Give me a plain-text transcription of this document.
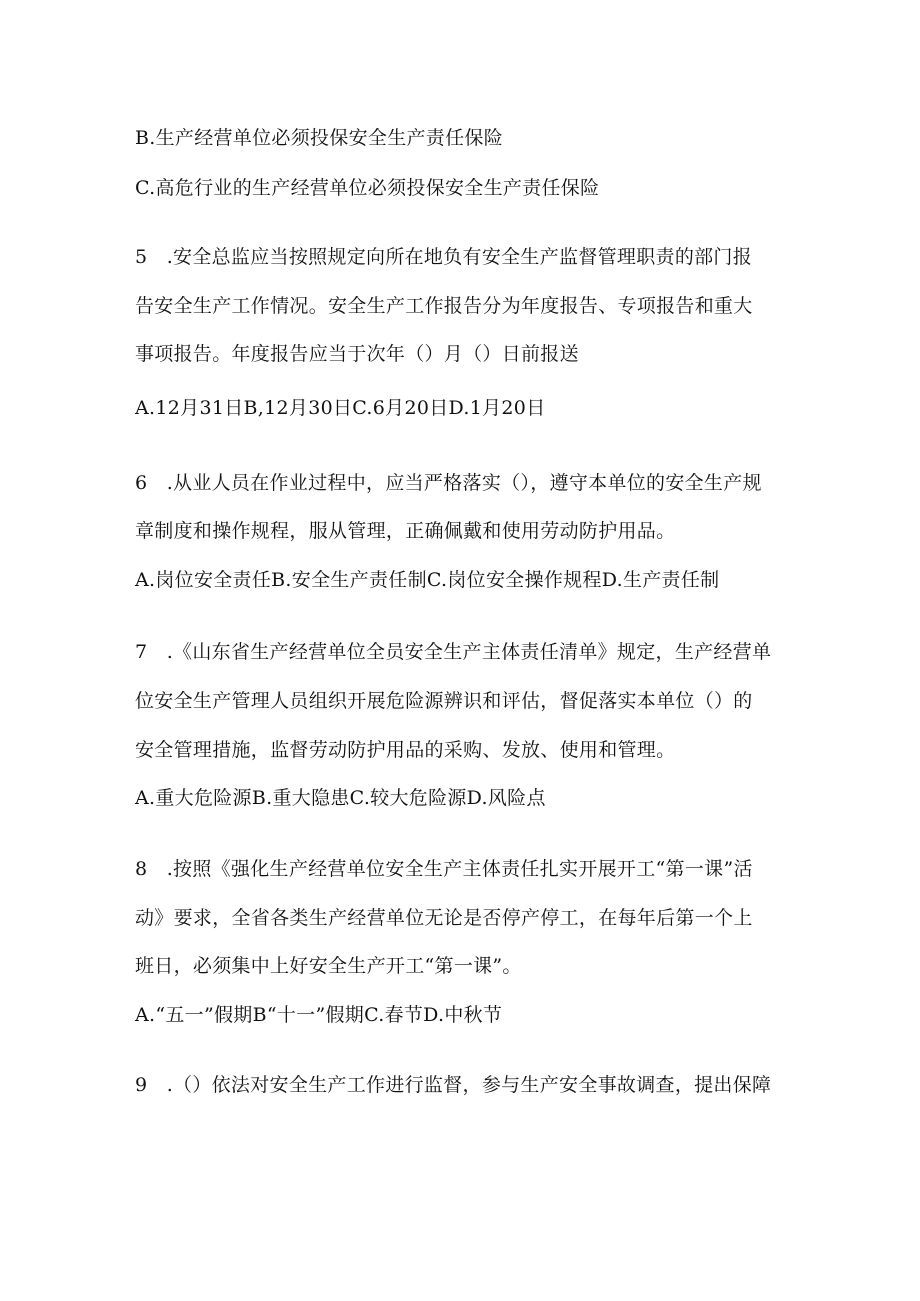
B.生产经营单位必须投保安全生产责任保险
C.高危行业的生产经营单位必须投保安全生产责任保险
5　.安全总监应当按照规定向所在地负有安全生产监督管理职责的部门报
告安全生产工作情况。安全生产工作报告分为年度报告、专项报告和重大
事项报告。年度报告应当于次年（）月（）日前报送
A.12月31日B,12月30日C.6月20日D.1月20日
6　.从业人员在作业过程中，应当严格落实（），遵守本单位的安全生产规
章制度和操作规程，服从管理，正确佩戴和使用劳动防护用品。
A.岗位安全责任B.安全生产责任制C.岗位安全操作规程D.生产责任制
7　.《山东省生产经营单位全员安全生产主体责任清单》规定，生产经营单
位安全生产管理人员组织开展危险源辨识和评估，督促落实本单位（）的
安全管理措施，监督劳动防护用品的采购、发放、使用和管理。
A.重大危险源B.重大隐患C.较大危险源D.风险点
8　.按照《强化生产经营单位安全生产主体责任扎实开展开工“第一课”活
动》要求，全省各类生产经营单位无论是否停产停工，在每年后第一个上
班日，必须集中上好安全生产开工“第一课”。
A.“五一”假期B“十一”假期C.春节D.中秋节
9　.（）依法对安全生产工作进行监督，参与生产安全事故调查，提出保障
